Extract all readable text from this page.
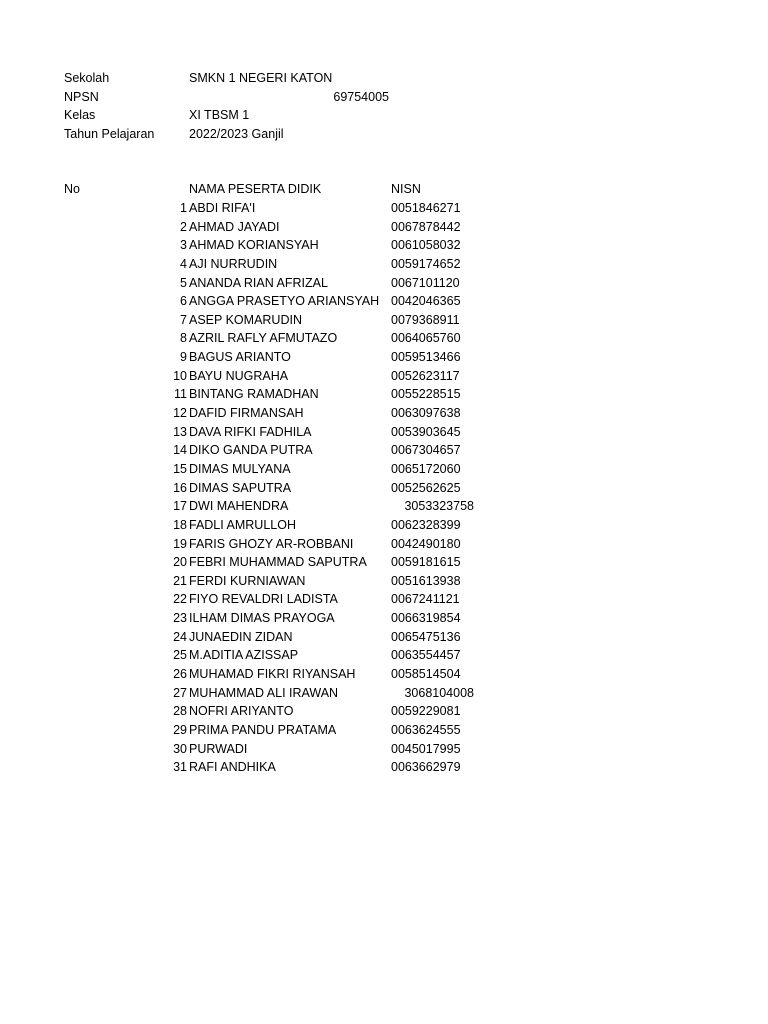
Sekolah	SMKN 1 NEGERI KATON
NPSN	69754005
Kelas	XI TBSM 1
Tahun Pelajaran	2022/2023 Ganjil
No	NAMA PESERTA DIDIK	NISN
1 ABDI RIFA'I	0051846271
2 AHMAD JAYADI	0067878442
3 AHMAD KORIANSYAH	0061058032
4 AJI NURRUDIN	0059174652
5 ANANDA RIAN AFRIZAL	0067101120
6 ANGGA PRASETYO ARIANSYAH 0042046365
7 ASEP KOMARUDIN	0079368911
8 AZRIL RAFLY AFMUTAZO	0064065760
9 BAGUS ARIANTO	0059513466
10 BAYU NUGRAHA	0052623117
11 BINTANG RAMADHAN	0055228515
12 DAFID FIRMANSAH	0063097638
13 DAVA RIFKI FADHILA	0053903645
14 DIKO GANDA PUTRA	0067304657
15 DIMAS MULYANA	0065172060
16 DIMAS SAPUTRA	0052562625
17 DWI MAHENDRA	3053323758
18 FADLI AMRULLOH	0062328399
19 FARIS GHOZY AR-ROBBANI	0042490180
20 FEBRI MUHAMMAD SAPUTRA 0059181615
21 FERDI KURNIAWAN	0051613938
22 FIYO REVALDRI LADISTA	0067241121
23 ILHAM DIMAS PRAYOGA	0066319854
24 JUNAEDIN ZIDAN	0065475136
25 M.ADITIA AZISSAP	0063554457
26 MUHAMAD FIKRI RIYANSAH	0058514504
27 MUHAMMAD ALI IRAWAN	3068104008
28 NOFRI ARIYANTO	0059229081
29 PRIMA PANDU PRATAMA	0063624555
30 PURWADI	0045017995
31 RAFI ANDHIKA	0063662979
